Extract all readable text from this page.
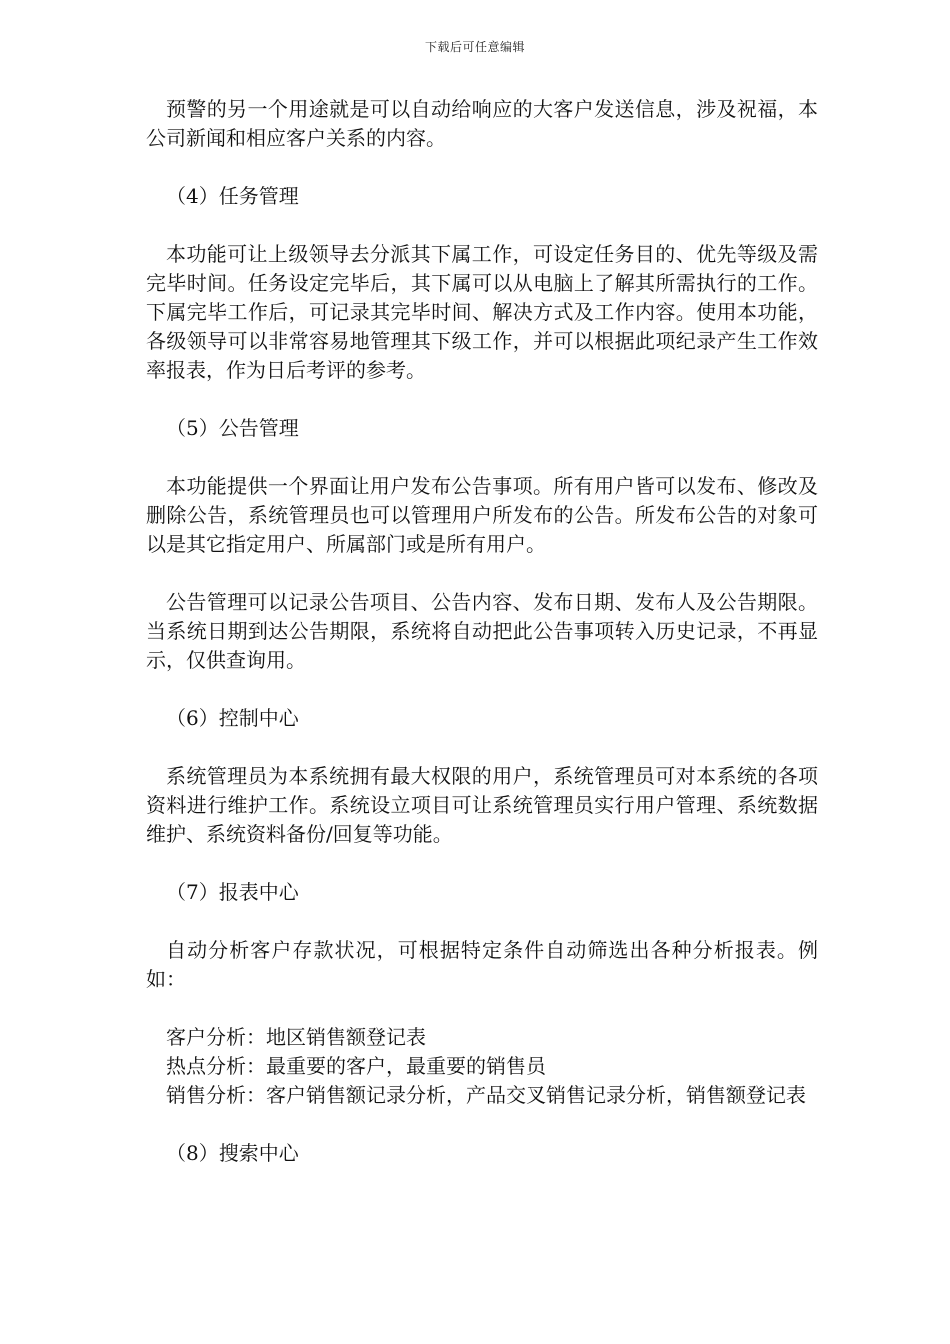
下载后可任意编辑

预警的另一个用途就是可以自动给响应的大客户发送信息，涉及祝福，本公司新闻和相应客户关系的内容。

（4）任务管理

本功能可让上级领导去分派其下属工作，可设定任务目的、优先等级及需完毕时间。任务设定完毕后，其下属可以从电脑上了解其所需执行的工作。下属完毕工作后，可记录其完毕时间、解决方式及工作内容。使用本功能，各级领导可以非常容易地管理其下级工作，并可以根据此项纪录产生工作效率报表，作为日后考评的参考。

（5）公告管理

本功能提供一个界面让用户发布公告事项。所有用户皆可以发布、修改及删除公告，系统管理员也可以管理用户所发布的公告。所发布公告的对象可以是其它指定用户、所属部门或是所有用户。

公告管理可以记录公告项目、公告内容、发布日期、发布人及公告期限。当系统日期到达公告期限，系统将自动把此公告事项转入历史记录，不再显示，仅供查询用。

（6）控制中心

系统管理员为本系统拥有最大权限的用户，系统管理员可对本系统的各项资料进行维护工作。系统设立项目可让系统管理员实行用户管理、系统数据维护、系统资料备份/回复等功能。

（7）报表中心

自动分析客户存款状况，可根据特定条件自动筛选出各种分析报表。例如：

客户分析：地区销售额登记表
热点分析：最重要的客户，最重要的销售员
销售分析：客户销售额记录分析，产品交叉销售记录分析，销售额登记表
（8）搜索中心
